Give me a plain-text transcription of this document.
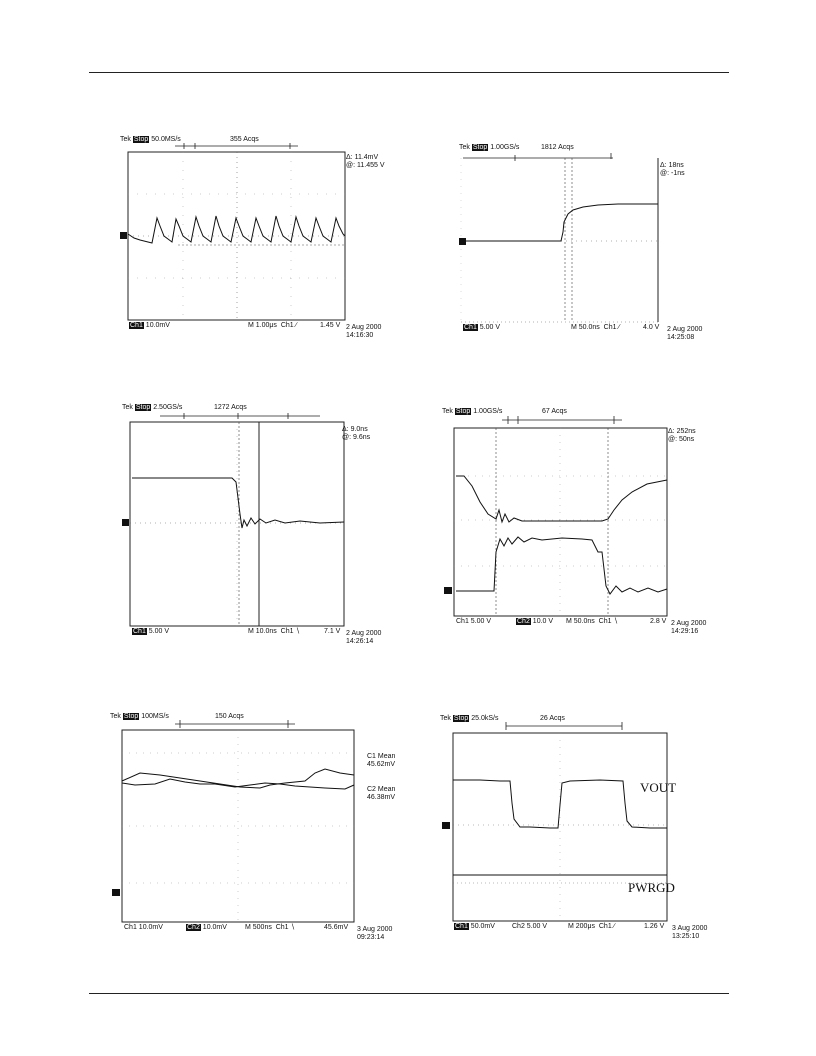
Tek Stop 50.0MS/s	355 Acqs
Δ: 11.4mV
@: 11.455 V
Ch1 10.0mV	M 1.00μs  Ch1 ∕	1.45 V 2 Aug 2000
14:16:30
Tek Stop 1.00GS/s	1812 Acqs
Δ: 18ns
@: -1ns
Ch1 5.00 V	M 50.0ns  Ch1 ∕	4.0 V 2 Aug 2000
14:25:08
Tek Stop 2.50GS/s	1272 Acqs
Δ: 9.0ns
@: 9.6ns
Ch1 5.00 V	M 10.0ns  Ch1 ∖	7.1 V 2 Aug 2000
14:26:14
Tek Stop 1.00GS/s	67 Acqs
Δ: 252ns
@: 50ns
Ch1 5.00 V	Ch2 10.0 V M 50.0ns  Ch1 ∖	2.8 V 2 Aug 2000
14:29:16
Tek Stop 100MS/s	150 Acqs
C1 Mean
45.62mV
C2 Mean
46.38mV
Ch1 10.0mV	Ch2 10.0mV	M 500ns  Ch1 ∖	45.6mV 3 Aug 2000
09:23:14
Tek Stop 25.0kS/s	26 Acqs
VOUT
PWRGD
Ch1 50.0mV Ch2 5.00 V	M 200μs  Ch1 ∕	1.26 V 3 Aug 2000
13:25:10
